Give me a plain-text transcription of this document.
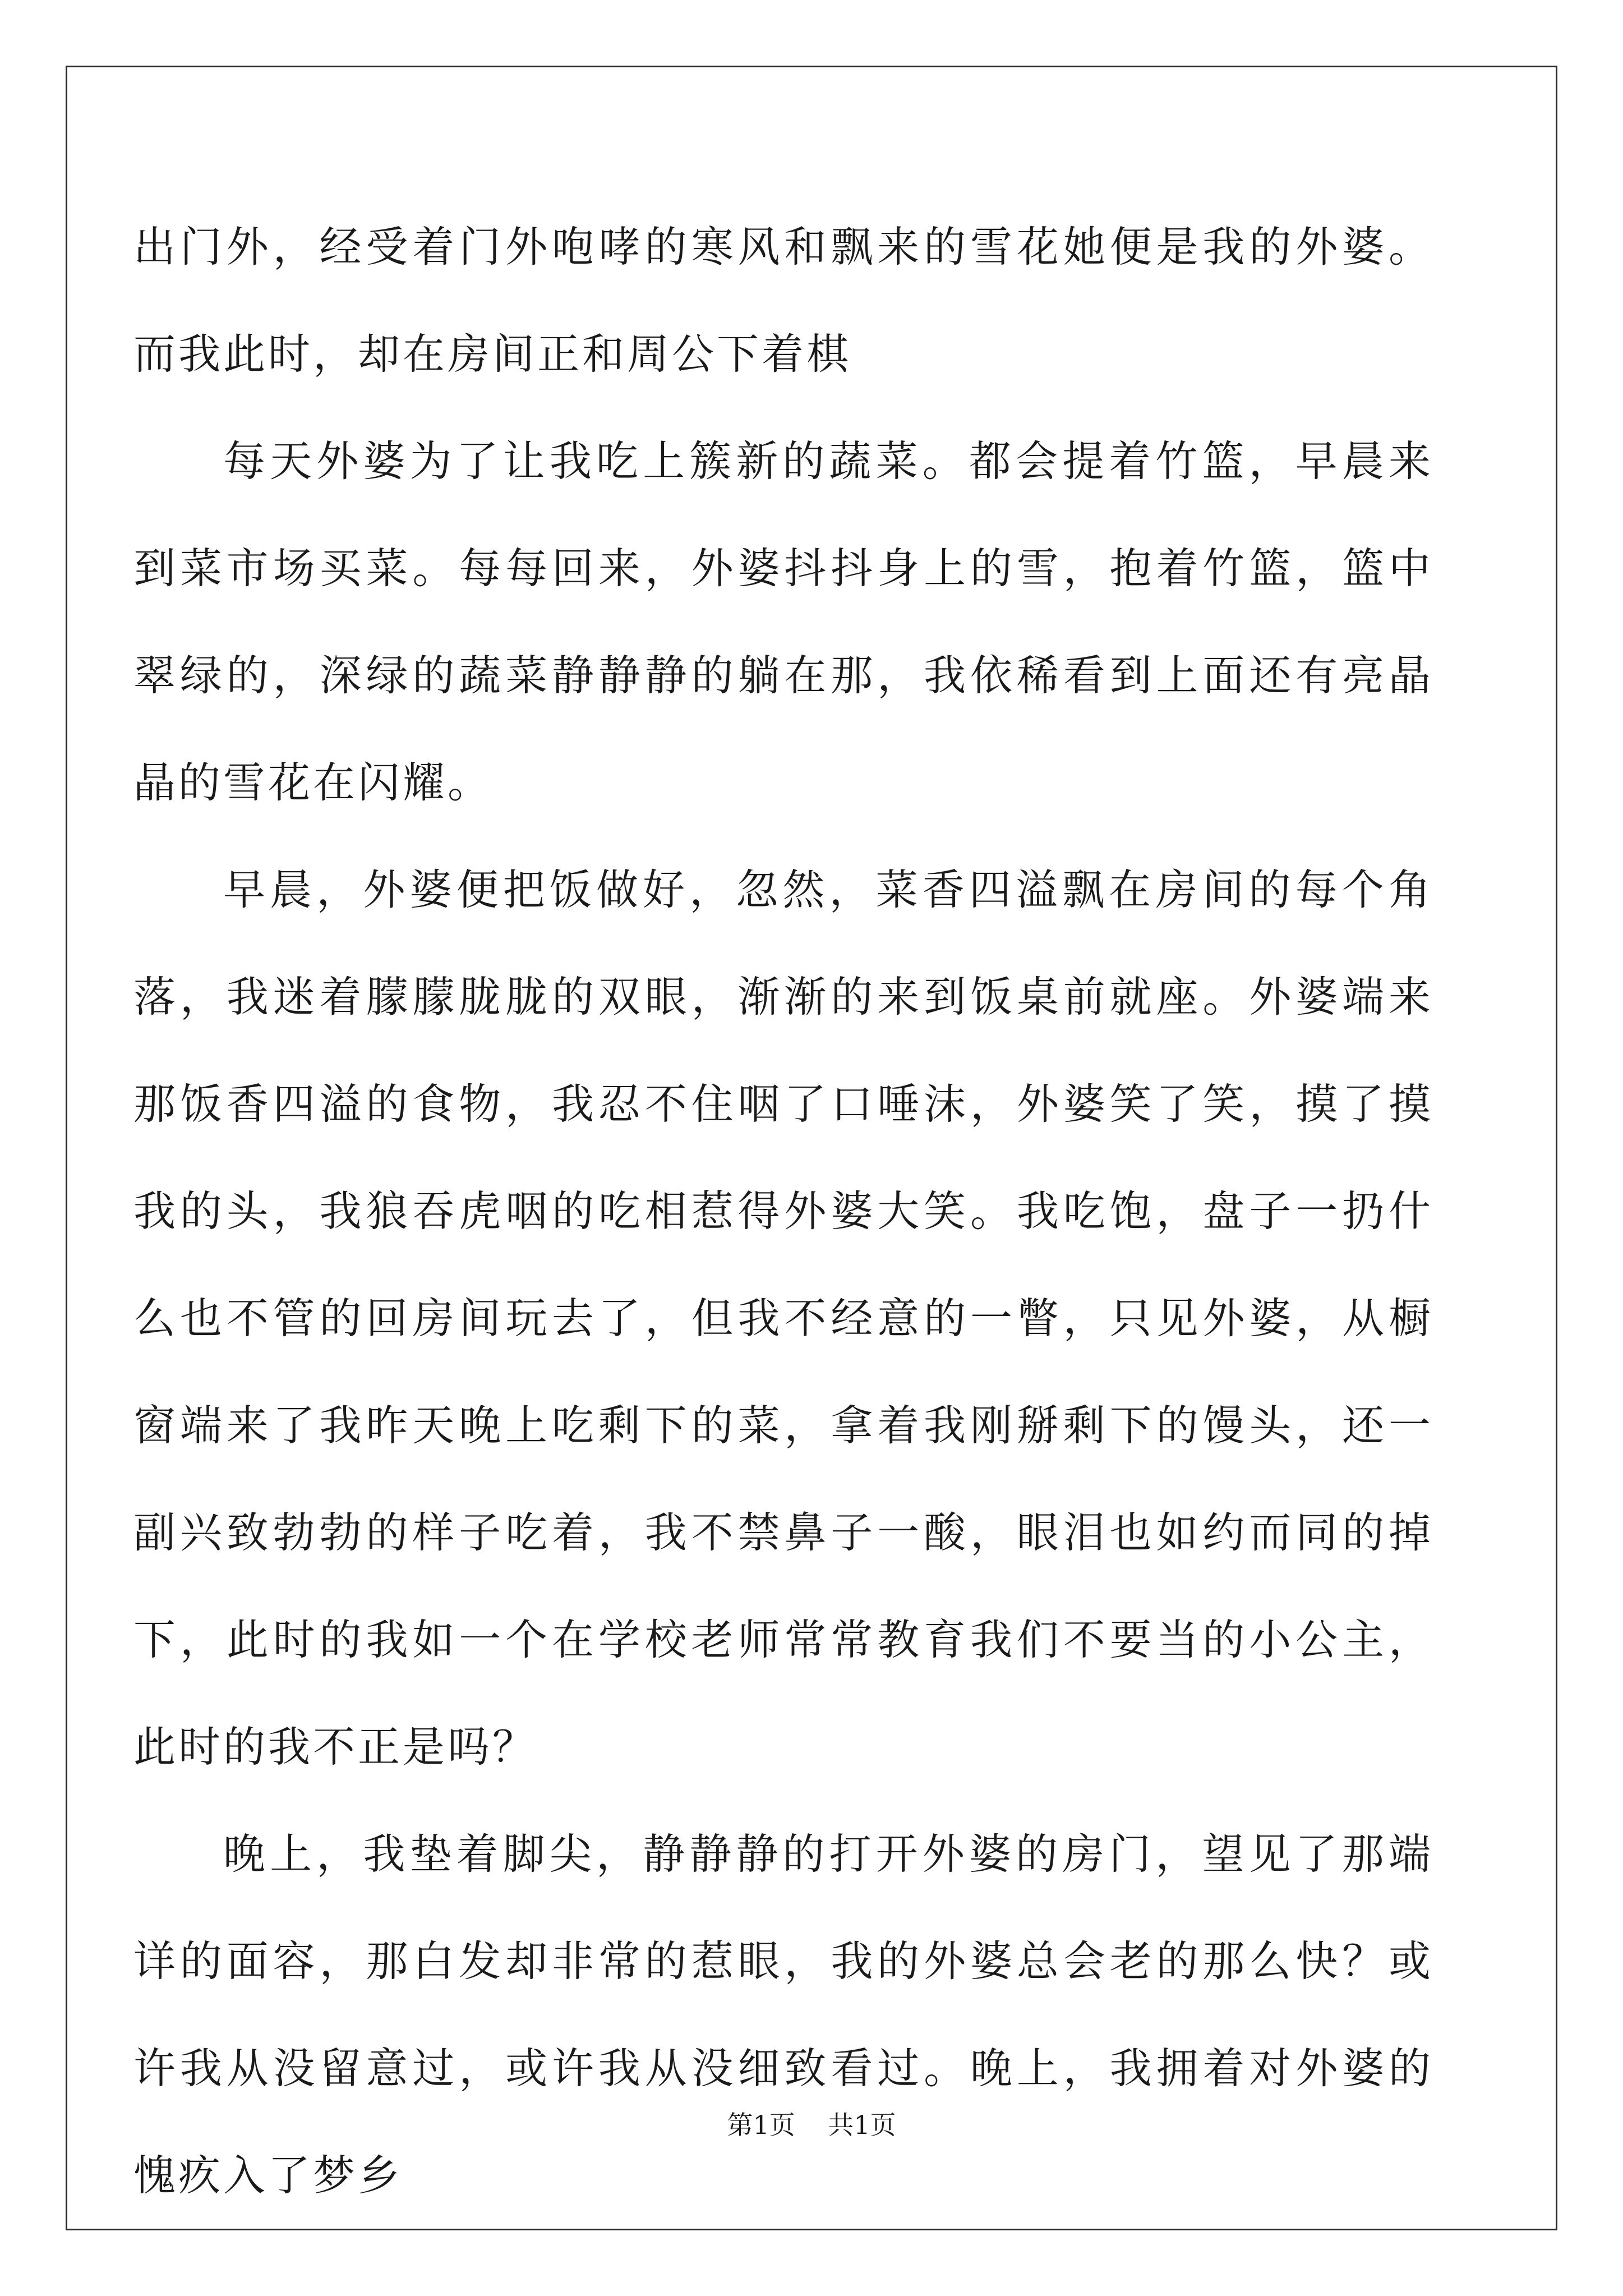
出门外，经受着门外咆哮的寒风和飘来的雪花她便是我的外婆。而我此时，却在房间正和周公下着棋

每天外婆为了让我吃上簇新的蔬菜。都会提着竹篮，早晨来到菜市场买菜。每每回来，外婆抖抖身上的雪，抱着竹篮，篮中翠绿的，深绿的蔬菜静静静的躺在那，我依稀看到上面还有亮晶晶的雪花在闪耀。

早晨，外婆便把饭做好，忽然，菜香四溢飘在房间的每个角落，我迷着朦朦胧胧的双眼，渐渐的来到饭桌前就座。外婆端来那饭香四溢的食物，我忍不住咽了口唾沫，外婆笑了笑，摸了摸我的头，我狼吞虎咽的吃相惹得外婆大笑。我吃饱，盘子一扔什么也不管的回房间玩去了，但我不经意的一瞥，只见外婆，从橱窗端来了我昨天晚上吃剩下的菜，拿着我刚掰剩下的馒头，还一副兴致勃勃的样子吃着，我不禁鼻子一酸，眼泪也如约而同的掉下，此时的我如一个在学校老师常常教育我们不要当的小公主，此时的我不正是吗？

晚上，我垫着脚尖，静静静的打开外婆的房门，望见了那端详的面容，那白发却非常的惹眼，我的外婆总会老的那么快？或许我从没留意过，或许我从没细致看过。晚上，我拥着对外婆的愧疚入了梦乡

第1页 共1页
